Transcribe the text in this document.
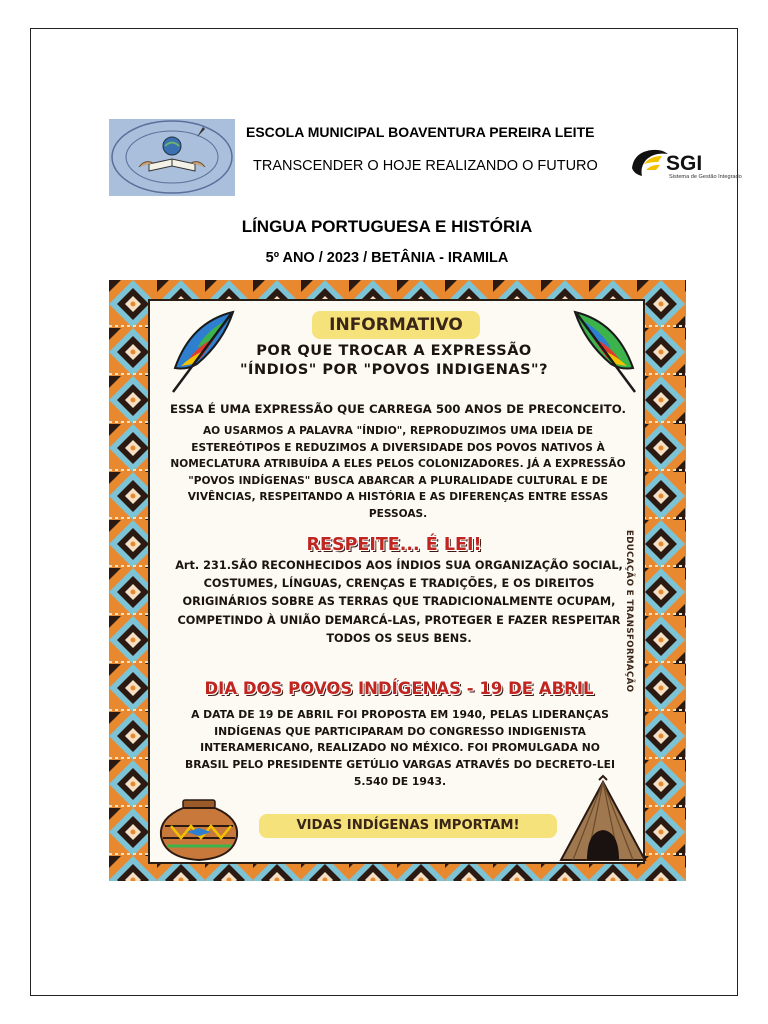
ESCOLA MUNICIPAL BOAVENTURA PEREIRA LEITE
TRANSCENDER O HOJE REALIZANDO O FUTURO	SGI
Sistema de Gestão Integrado
LÍNGUA PORTUGUESA E HISTÓRIA
5º ANO / 2023 / BETÂNIA - IRAMILA
INFORMATIVO
POR QUE TROCAR A EXPRESSÃO "ÍNDIOS" POR "POVOS INDIGENAS"?
ESSA É UMA EXPRESSÃO QUE CARREGA 500 ANOS DE PRECONCEITO.
AO USARMOS A PALAVRA "ÍNDIO", REPRODUZIMOS UMA IDEIA DE ESTEREÓTIPOS E REDUZIMOS A DIVERSIDADE DOS POVOS NATIVOS À NOMECLATURA ATRIBUÍDA A ELES PELOS COLONIZADORES. JÁ A EXPRESSÃO "POVOS INDÍGENAS" BUSCA ABARCAR A PLURALIDADE CULTURAL E DE VIVÊNCIAS, RESPEITANDO A HISTÓRIA E AS DIFERENÇAS ENTRE ESSAS PESSOAS.
RESPEITE... É LEI!
Art. 231.SÃO RECONHECIDOS AOS ÍNDIOS SUA ORGANIZAÇÃO SOCIAL, COSTUMES, LÍNGUAS, CRENÇAS E TRADIÇÕES, E OS DIREITOS ORIGINÁRIOS SOBRE AS TERRAS QUE TRADICIONALMENTE OCUPAM, COMPETINDO À UNIÃO DEMARCÁ-LAS, PROTEGER E FAZER RESPEITAR TODOS OS SEUS BENS.	EDUCAÇÃO E TRANSFORMAÇÃO
DIA DOS POVOS INDÍGENAS - 19 DE ABRIL
A DATA DE 19 DE ABRIL FOI PROPOSTA EM 1940, PELAS LIDERANÇAS INDÍGENAS QUE PARTICIPARAM DO CONGRESSO INDIGENISTA INTERAMERICANO, REALIZADO NO MÉXICO. FOI PROMULGADA NO BRASIL PELO PRESIDENTE GETÚLIO VARGAS ATRAVÉS DO DECRETO-LEI 5.540 DE 1943.
VIDAS INDÍGENAS IMPORTAM!
